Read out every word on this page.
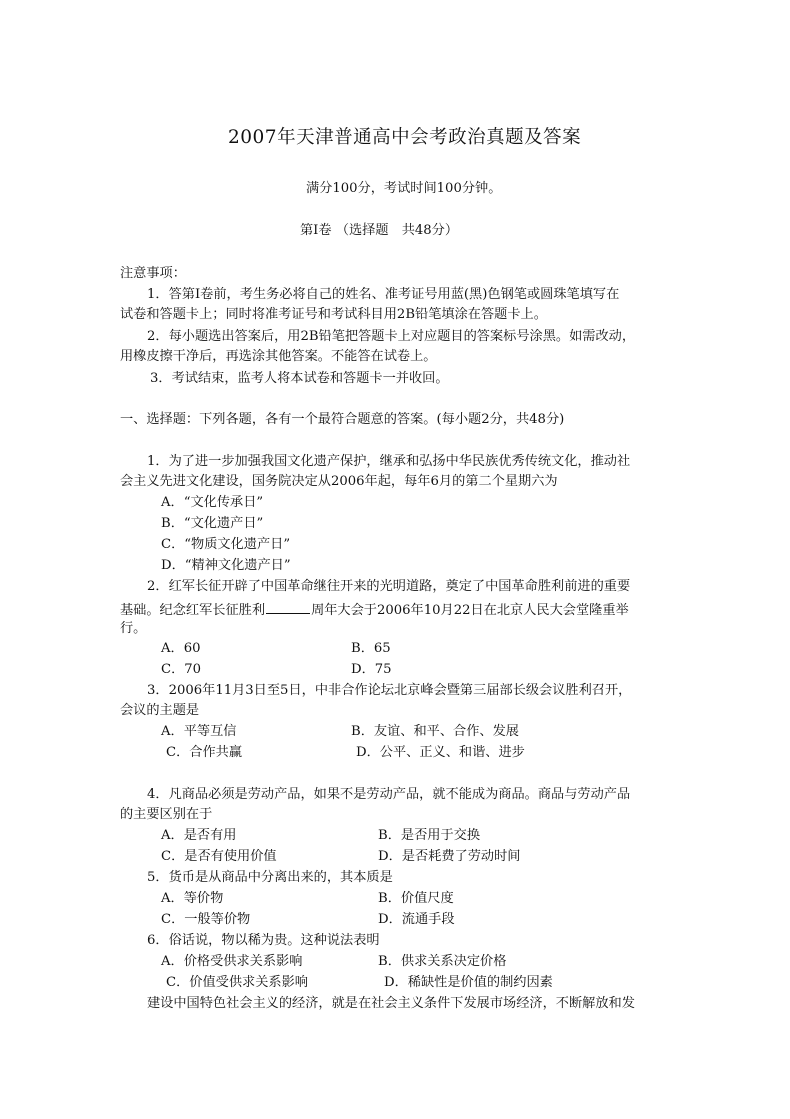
2007年天津普通高中会考政治真题及答案
满分100分，考试时间100分钟。
第Ⅰ卷 （选择题　共48分）
注意事项：
1．答第Ⅰ卷前，考生务必将自己的姓名、准考证号用蓝(黑)色钢笔或圆珠笔填写在
试卷和答题卡上；同时将准考证号和考试科目用2B铅笔填涂在答题卡上。
2．每小题选出答案后，用2B铅笔把答题卡上对应题目的答案标号涂黑。如需改动，
用橡皮擦干净后，再选涂其他答案。不能答在试卷上。
3．考试结束，监考人将本试卷和答题卡一并收回。
一、选择题：下列各题，各有一个最符合题意的答案。(每小题2分，共48分)
1．为了进一步加强我国文化遗产保护，继承和弘扬中华民族优秀传统文化，推动社
会主义先进文化建设，国务院决定从2006年起，每年6月的第二个星期六为
A．“文化传承日”
B．“文化遗产日”
C．“物质文化遗产日”
D．“精神文化遗产日”
2．红军长征开辟了中国革命继往开来的光明道路，奠定了中国革命胜利前进的重要
基础。纪念红军长征胜利	周年大会于2006年10月22日在北京人民大会堂隆重举
行。
A．60	B．65
C．70	D．75
3．2006年11月3日至5日，中非合作论坛北京峰会暨第三届部长级会议胜利召开，
会议的主题是
A．平等互信	B．友谊、和平、合作、发展
C．合作共赢	D．公平、正义、和谐、进步
4．凡商品必须是劳动产品，如果不是劳动产品，就不能成为商品。商品与劳动产品
的主要区别在于
A．是否有用	B．是否用于交换
C．是否有使用价值	D．是否耗费了劳动时间
5．货币是从商品中分离出来的，其本质是
A．等价物	B．价值尺度
C．一般等价物	D．流通手段
6．俗话说，物以稀为贵。这种说法表明
A．价格受供求关系影响	B．供求关系决定价格
C．价值受供求关系影响	D．稀缺性是价值的制约因素
建设中国特色社会主义的经济，就是在社会主义条件下发展市场经济，不断解放和发
